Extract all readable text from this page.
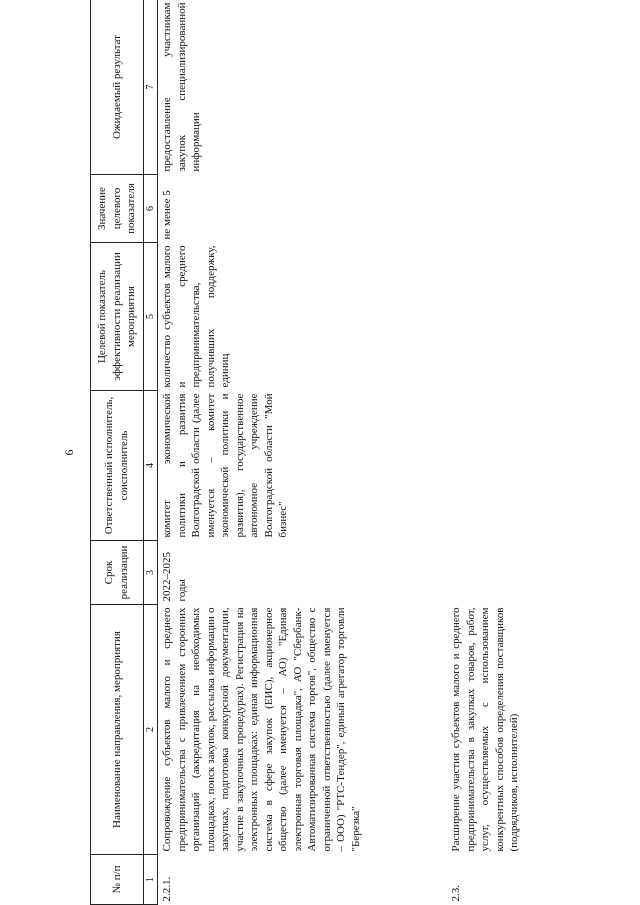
6
№ п/п	Наименование направления, мероприятия	Срок реализации	Ответственный исполнитель, соисполнитель	Целевой показатель эффективности реализации мероприятия	Значение целевого показателя	Ожидаемый результат
1	2	3	4	5	6	7
2.2.1.	Сопровождение субъектов малого и среднего предпринимательства с привлечением сторонних организаций (аккредитация на необходимых площадках, поиск закупок, рассылка информации о закупках, подготовка конкурсной документации, участие в закупочных процедурах). Регистрация на электронных площадках: единая информационная система в сфере закупок (ЕИС), акционерное общество (далее именуется – АО) "Единая электронная торговая площадка", АО "Сбербанк-Автоматизированная система торгов", общество с ограниченной ответственностью (далее именуется – ООО) "РТС-Тендер", единый агрегатор торговли "Березка"	2022–2025 годы	комитет экономической политики и развития Волгоградской области (далее именуется – комитет экономической политики и развития), государственное автономное учреждение Волгоградской области "Мой бизнес"	количество субъектов малого и среднего предпринимательства, получивших поддержку, единиц	не менее 5	предоставление участникам закупок специализированной информации
2.3.	Расширение участия субъектов малого и среднего предпринимательства в закупках товаров, работ, услуг, осуществляемых с использованием конкурентных способов определения поставщиков (подрядчиков, исполнителей)					
